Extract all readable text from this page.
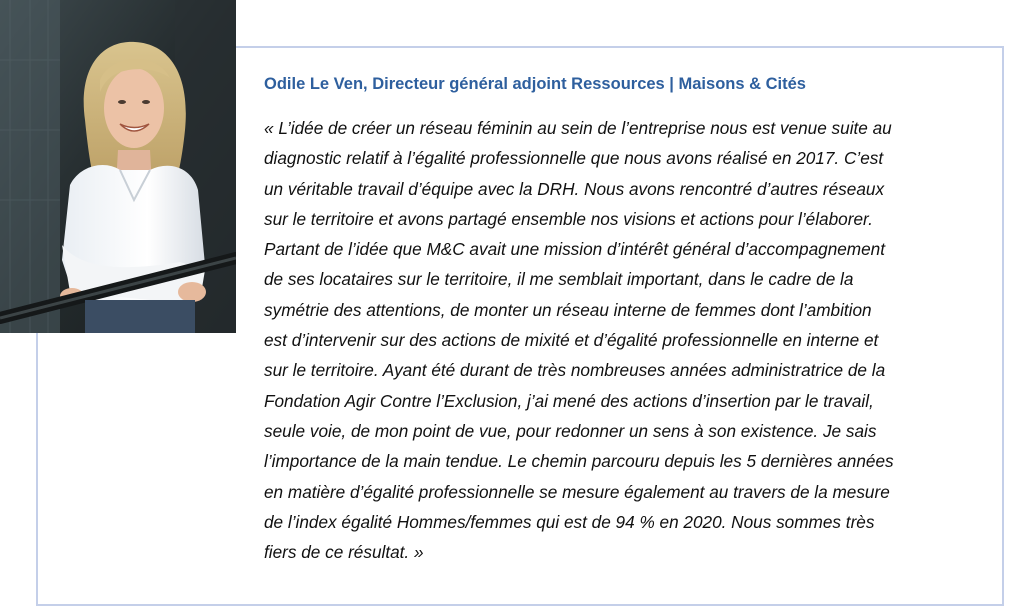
Odile Le Ven, Directeur général adjoint Ressources | Maisons & Cités
« L’idée de créer un réseau féminin au sein de l’entreprise nous est venue suite au
diagnostic relatif à l’égalité professionnelle que nous avons réalisé en 2017. C’est
un véritable travail d’équipe avec la DRH. Nous avons rencontré d’autres réseaux
sur le territoire et avons partagé ensemble nos visions et actions pour l’élaborer.
Partant de l’idée que M&C avait une mission d’intérêt général d’accompagnement
de ses locataires sur le territoire, il me semblait important, dans le cadre de la
symétrie des attentions, de monter un réseau interne de femmes dont l’ambition
est d’intervenir sur des actions de mixité et d’égalité professionnelle en interne et
sur le territoire. Ayant été durant de très nombreuses années administratrice de la
Fondation Agir Contre l’Exclusion, j’ai mené des actions d’insertion par le travail,
seule voie, de mon point de vue, pour redonner un sens à son existence. Je sais
l’importance de la main tendue. Le chemin parcouru depuis les 5 dernières années
en matière d’égalité professionnelle se mesure également au travers de la mesure
de l’index égalité Hommes/femmes qui est de 94 % en 2020. Nous sommes très
fiers de ce résultat. »
